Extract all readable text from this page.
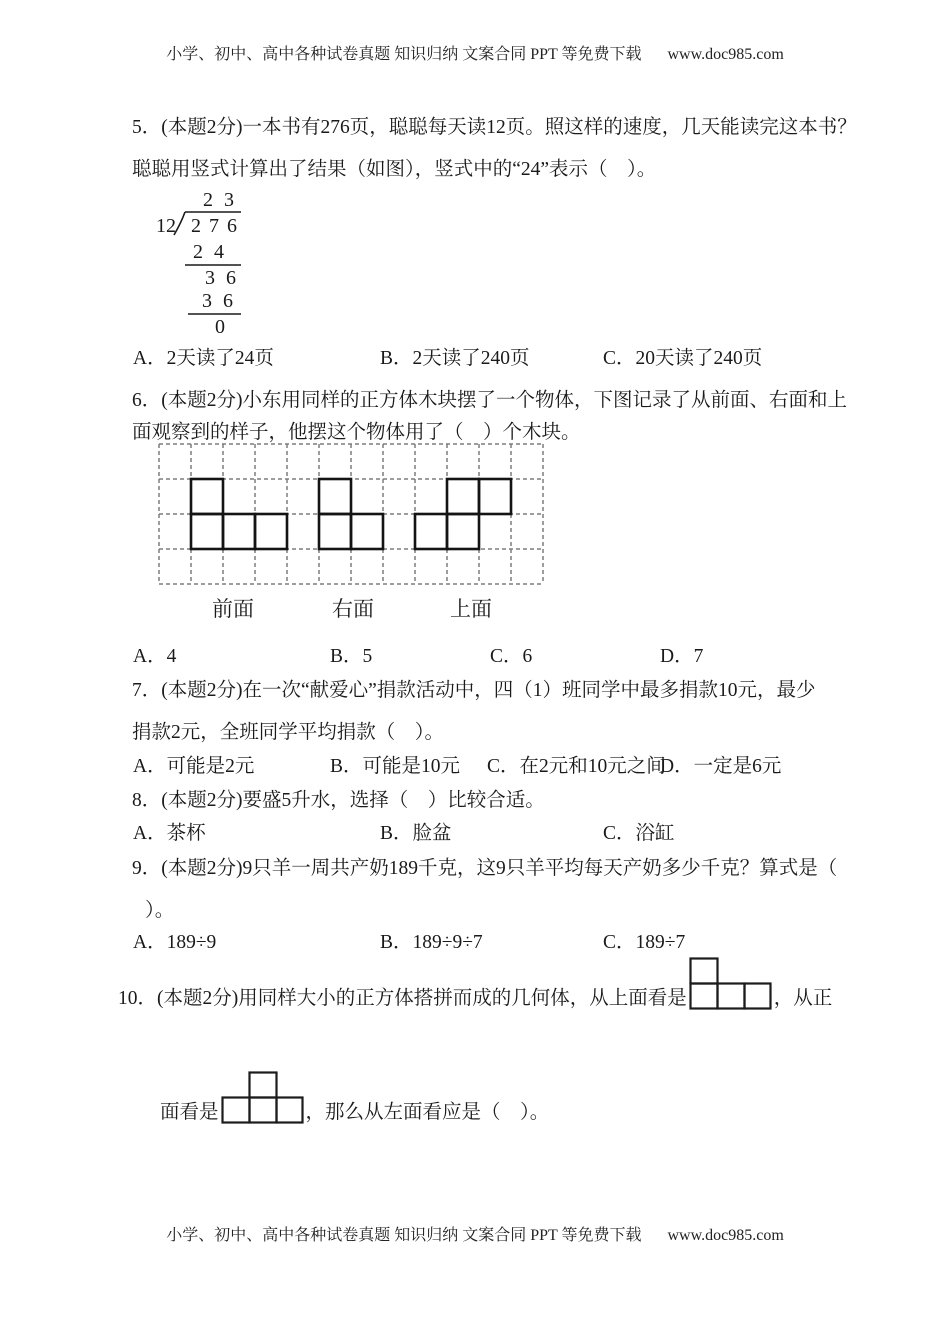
小学、初中、高中各种试卷真题 知识归纳 文案合同 PPT 等免费下载 www.doc985.com
5．(本题2分)一本书有276页，聪聪每天读12页。照这样的速度，几天能读完这本书？
聪聪用竖式计算出了结果（如图），竖式中的“24”表示（　）。
2 3
12 2 7 6
2 4
3 6
3 6
0
A．2天读了24页	B．2天读了240页	C．20天读了240页
6．(本题2分)小东用同样的正方体木块摆了一个物体，下图记录了从前面、右面和上
面观察到的样子，他摆这个物体用了（　）个木块。
前面	右面	上面
A．4	B．5	C．6	D．7
7．(本题2分)在一次“献爱心”捐款活动中，四（1）班同学中最多捐款10元，最少
捐款2元，全班同学平均捐款（　）。
A．可能是2元	B．可能是10元 C．在2元和10元之间D．一定是6元
8．(本题2分)要盛5升水，选择（　）比较合适。
A．茶杯	B．脸盆	C．浴缸
9．(本题2分)9只羊一周共产奶189千克，这9只羊平均每天产奶多少千克？算式是（
）。
A．189÷9	B．189÷9÷7	C．189÷7
10．(本题2分)用同样大小的正方体搭拼而成的几何体，从上面看是	，从正
面看是	，那么从左面看应是（　）。
小学、初中、高中各种试卷真题 知识归纳 文案合同 PPT 等免费下载 www.doc985.com
